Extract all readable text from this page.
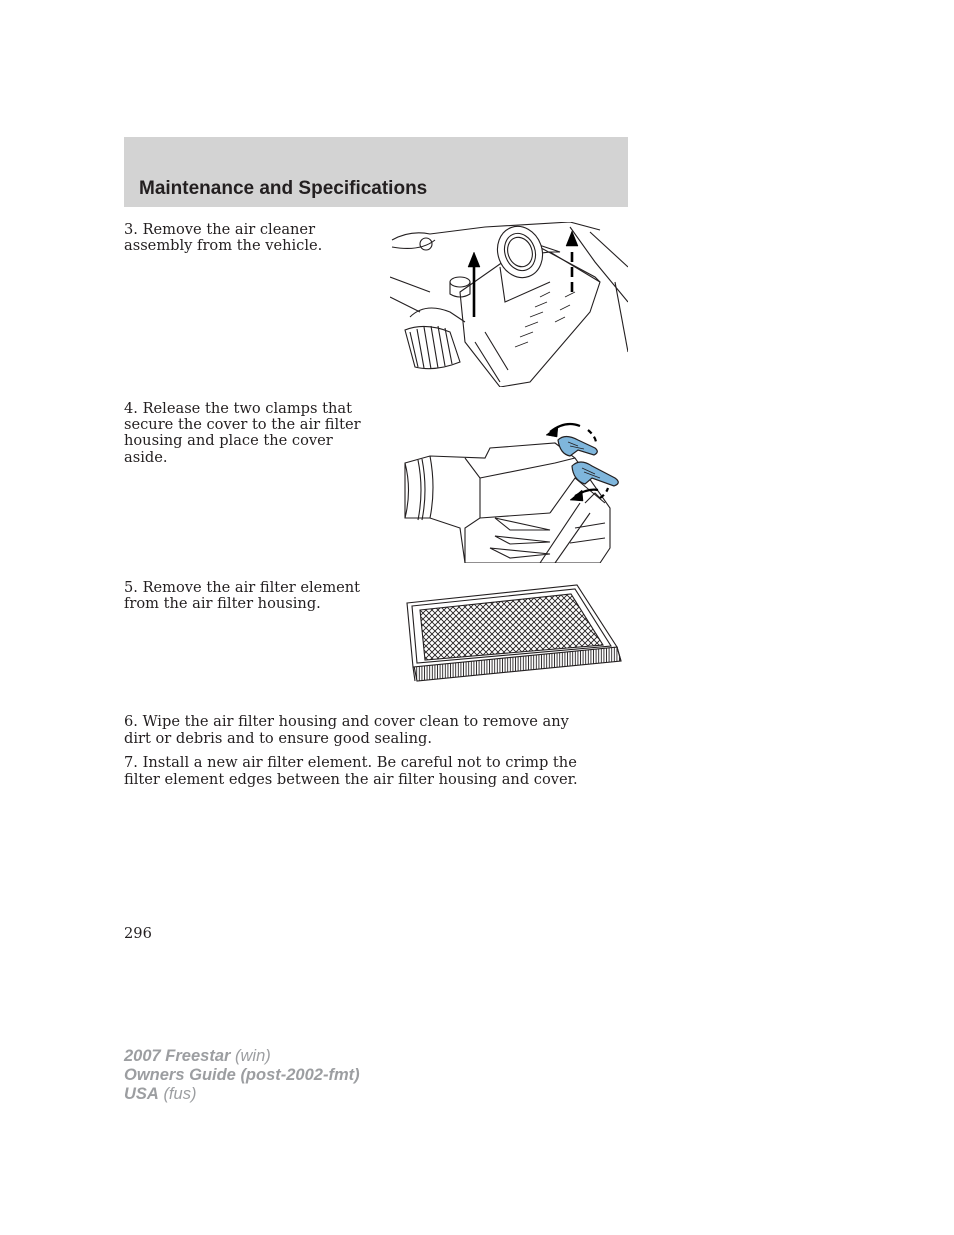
Maintenance and Specifications

3. Remove the air cleaner assembly from the vehicle.

4. Release the two clamps that secure the cover to the air filter housing and place the cover aside.

5. Remove the air filter element from the air filter housing.

6. Wipe the air filter housing and cover clean to remove any dirt or debris and to ensure good sealing.

7. Install a new air filter element. Be careful not to crimp the filter element edges between the air filter housing and cover.

296

2007 Freestar (win)
Owners Guide (post-2002-fmt)
USA (fus)
